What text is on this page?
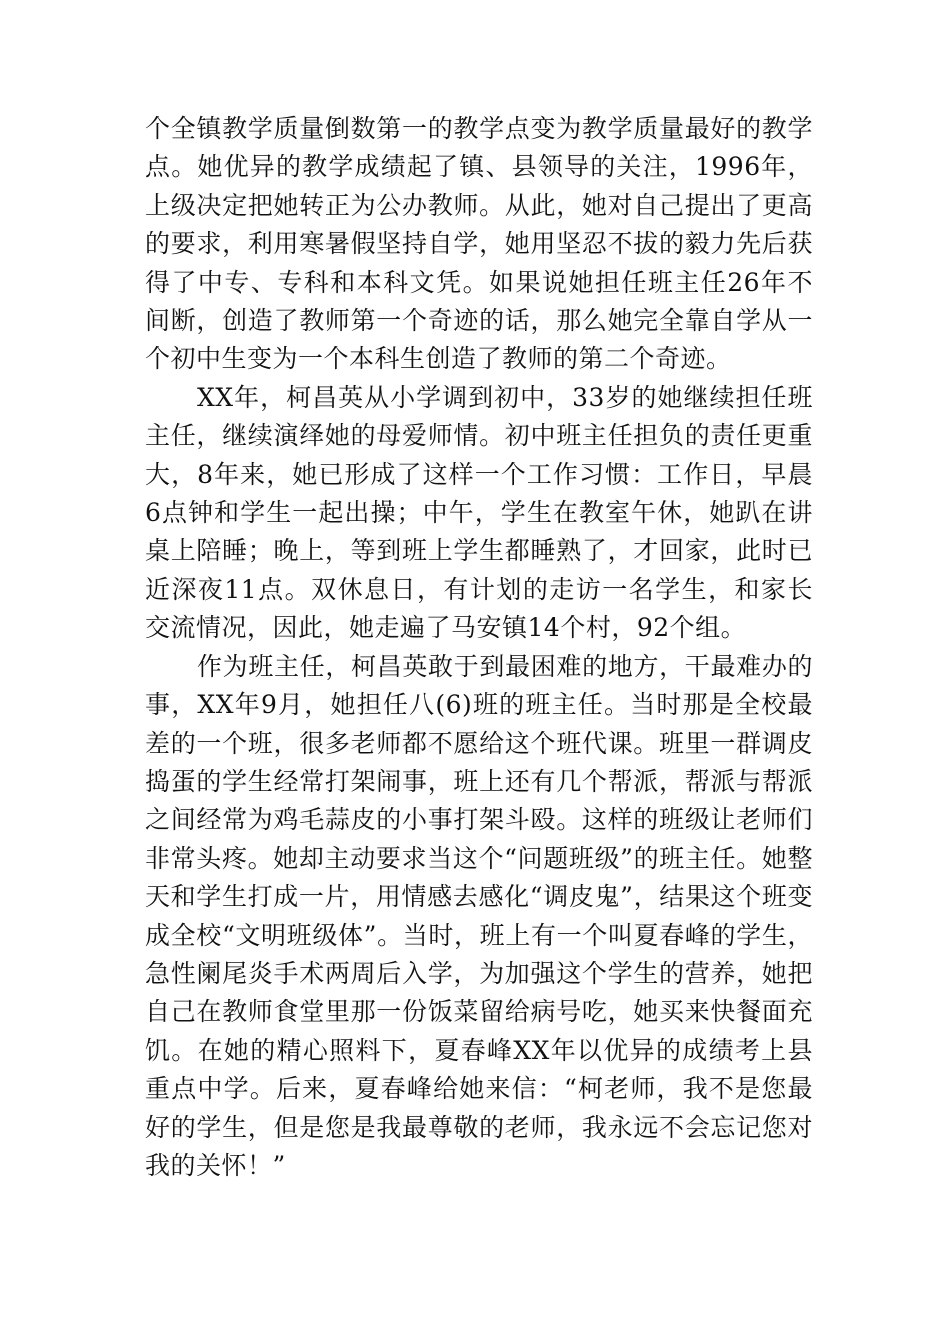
个全镇教学质量倒数第一的教学点变为教学质量最好的教学点。她优异的教学成绩起了镇、县领导的关注，1996年，上级决定把她转正为公办教师。从此，她对自己提出了更高的要求，利用寒暑假坚持自学，她用坚忍不拔的毅力先后获得了中专、专科和本科文凭。如果说她担任班主任26年不间断，创造了教师第一个奇迹的话，那么她完全靠自学从一个初中生变为一个本科生创造了教师的第二个奇迹。

XX年，柯昌英从小学调到初中，33岁的她继续担任班主任，继续演绎她的母爱师情。初中班主任担负的责任更重大，8年来，她已形成了这样一个工作习惯：工作日，早晨6点钟和学生一起出操；中午，学生在教室午休，她趴在讲桌上陪睡；晚上，等到班上学生都睡熟了，才回家，此时已近深夜11点。双休息日，有计划的走访一名学生，和家长交流情况，因此，她走遍了马安镇14个村，92个组。

作为班主任，柯昌英敢于到最困难的地方，干最难办的事，XX年9月，她担任八(6)班的班主任。当时那是全校最差的一个班，很多老师都不愿给这个班代课。班里一群调皮捣蛋的学生经常打架闹事，班上还有几个帮派，帮派与帮派之间经常为鸡毛蒜皮的小事打架斗殴。这样的班级让老师们非常头疼。她却主动要求当这个“问题班级”的班主任。她整天和学生打成一片，用情感去感化“调皮鬼”，结果这个班变成全校“文明班级体”。当时，班上有一个叫夏春峰的学生，急性阑尾炎手术两周后入学，为加强这个学生的营养，她把自己在教师食堂里那一份饭菜留给病号吃，她买来快餐面充饥。在她的精心照料下，夏春峰XX年以优异的成绩考上县重点中学。后来，夏春峰给她来信：“柯老师，我不是您最好的学生，但是您是我最尊敬的老师，我永远不会忘记您对我的关怀！”
